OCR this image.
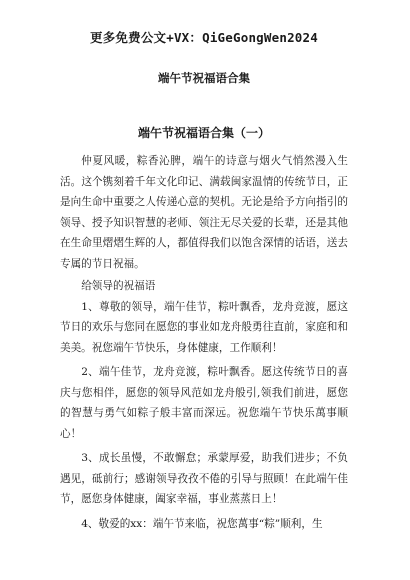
更多免费公文+VX：QiGeGongWen2024
端午节祝福语合集
端午节祝福语合集（一）

仲夏风暖，粽香沁脾，端午的诗意与烟火气悄然漫入生活。这个镌刻着千年文化印记、满载闽家温情的传统节日，正是向生命中重要之人传递心意的契机。无论是给予方向指引的领导、授予知识智慧的老师、领注无尽关爱的长辈，还是其他在生命里熠熠生辉的人，都值得我们以饱含深情的话语，送去专属的节日祝福。

给领导的祝福语

1、尊敬的领导，端午佳节，粽叶飘香，龙舟竞渡，愿这节日的欢乐与您同在愿您的事业如龙舟般勇往直前，家庭和和美美。祝您端午节快乐，身体健康，工作顺利！

2、端午佳节，龙舟竞渡，粽叶飘香。愿这传统节日的喜庆与您相伴，愿您的领导风范如龙舟般引,领我们前进，愿您的智慧与勇气如粽子般丰富而深远。祝您端午节快乐萬事顺心！

3、成长虽慢，不敢懈怠；承蒙厚爱，助我们进步；不负遇见，砥前行；感谢领导孜孜不倦的引导与照顾！在此端午佳节，愿您身体健康，阖家幸福，事业蒸蒸日上！

4、敬爱的xx：端午节来临，祝您萬事“粽”顺利，生
